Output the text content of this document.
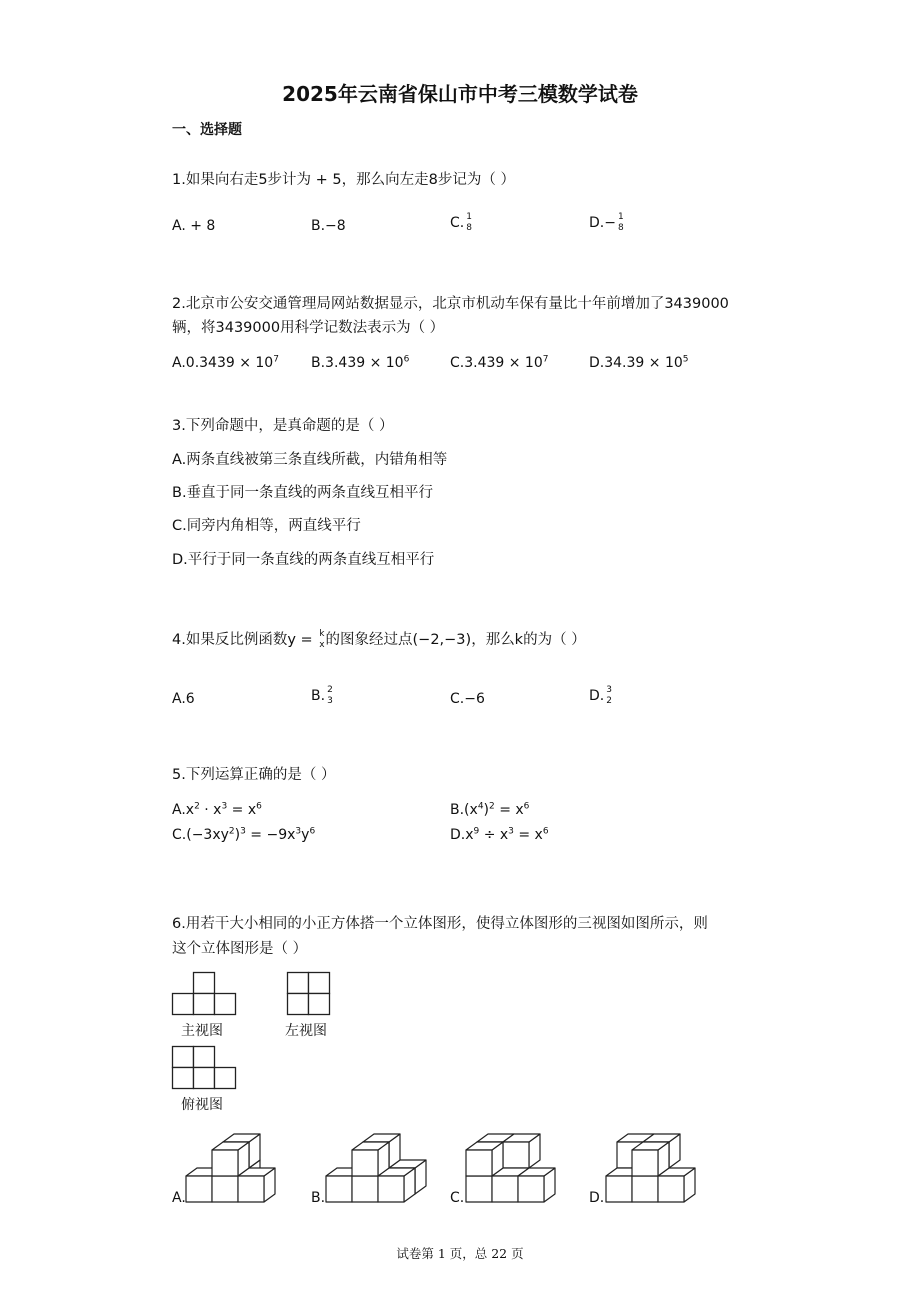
2025年云南省保山市中考三模数学试卷
一、选择题
1.如果向右走5步计为 + 5，那么向左走8步记为（ ）
A. + 8	B.−8	C. 1
8	D.− 1
8
2.北京市公安交通管理局网站数据显示，北京市机动车保有量比十年前增加了3439000
辆，将3439000用科学记数法表示为（ ）
$A.0.3439 \times 10^7$ $B.3.439 \times 10^6$	$C.3.439 \times 10^7$	$D.34.39 \times 10^5$
3.下列命题中，是真命题的是（ ）
A.两条直线被第三条直线所截，内错角相等
B.垂直于同一条直线的两条直线互相平行
C.同旁内角相等，两直线平行
D.平行于同一条直线的两条直线互相平行
4.如果反比例函数y = k
x 的图象经过点(−2,−3)，那么k的为（ ）
A.6	B. 2
3	C.−6	D. 3
2
5.下列运算正确的是（ ）
$A.x^2 \cdot x^3 = x^6$	$B.(x^4)^2 = x^6$
$C.(-3xy^2)^3 = -9x^3y^6$	$D.x^9 \div x^3 = x^6$
6.用若干大小相同的小正方体搭一个立体图形，使得立体图形的三视图如图所示，则
这个立体图形是（ ）
主视图	左视图
俯视图
A.	B.	C.	D.
试卷第 1 页，总 22 页
